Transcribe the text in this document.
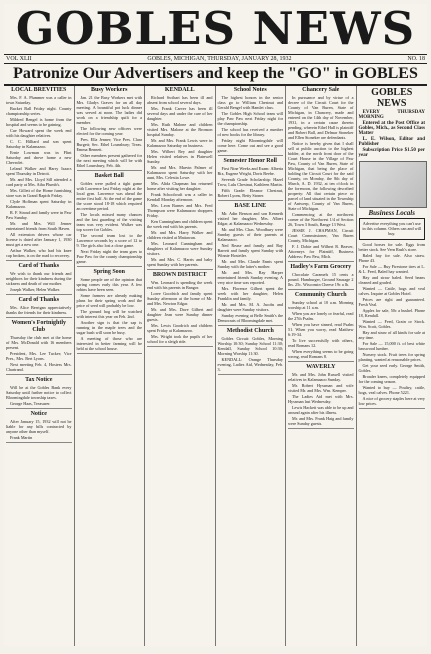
GOBLES NEWS
VOL XLII	GOBLES, MICHIGAN, THURSDAY, JANUARY 28, 1932	NO. 18
Patronize Our Advertisers and keep the "GO" in GOBLES
LOCAL BREVITIES

Mrs. F. A. Plummer was a caller in town Saturday.

Bucket Ball Friday night. County championship series.

Mildred Bengel is home from the hospital and seems to be gaining.

Cue Howard spent the week end with his daughter relatives.

C. C. Hilliard and son spent Saturday in Kalamazoo.

Ernie Lowman was in Flint Saturday and drove home a new Chevrolet.

Leland Walker and Harry Isaacs spent Thursday in Detroit.

Mr. and Mrs. Lloyd Sill attended a card party at Mrs. Atha Plumb's.

Mrs. Gillett of the Home furnishing store was in Grand Rapids Friday.

Clyde Hoffman spent Saturday in Kalamazoo.

R. F. Stroud and family were in Paw Paw Sunday.

Mr. and Mrs. Will Jenner entertained friends from South Haven.

All extension drivers whose car license is dated after January 1, 1930 must get a new one.

Arthur Walker, who had his knee cap broken, is on the road to recovery.

Card of Thanks

We wish to thank our friends and neighbors for their kindness during the sickness and death of our mother.

Joseph Walker, Helen Walker.

Card of Thanks

Mrs. Alice Berrigan appreciatively thanks the friends for their kindness.

Women's Fortnightly Club

Thursday the club met at the home of Mrs. McDonald with 16 members present.

President, Mrs. Lee Tucker; Vice Pres., Mrs. Bert Lyons.

Next meeting Feb. 4, Hostess Mrs. Chartrand.

Tax Notice

Will be at the Gobles Bank every Saturday until further notice to collect Bloomingdale township taxes.

George Haas, Treasurer.

Notice

After January 15, 1932 will not be liable for any bills contracted by anyone other than myself.

Frank Martin

Busy Workers

Jan. 21 the Busy Workers met with Mrs. Gladys Graves for an all day meeting. A bountiful pot luck dinner was served at noon. The ladies did work on a friendship quilt for a member.

The following new officers were elected for the coming year:

Pres. Ella Jenner; Vice Pres. Clara Burgett; Sec. Ethel Lounsbury; Treas. Emma Bennett.

Other members present gathered for the next meeting which will be with Ethel Lounsbury, Feb. 4th.

Basket Ball

Gobles were pulled a tight game with Lawrence last Friday night at the local gym. Lawrence was ahead the entire first half. At the end of the game the score stood 18-18 which required an overtime period.

The locals missed many chances and the fast guarding of the visiting team was very evident. Walker was top scorer for Gobles.

The second team lost to the Lawrence seconds by a score of 12 to 9. The girls also lost a close game.

Next Friday night the team goes to Paw Paw for the county championship game.

Spring Soon

Some people are of the opinion that spring comes early this year. A few robins have been seen.

Some farmers are already making plans for their spring work and the price of seed will probably be low.

The ground hog will be watched with interest this year on Feb. 2nd.

Another sign is that the sap is running in the maple trees and the sugar bush will soon be busy.

A meeting of those who are interested in better farming will be held at the school house.

KENDALL

Richard Swihart has been ill and absent from school several days.

Mrs. Frank Carver has been ill several days and under the care of her daughter.

Mrs. Ruth Malone and children visited Mrs. Malone at the Bronson hospital Sunday.

Mr. and Mrs. Frank Lewis were in Kalamazoo Saturday on business.

Mrs. Wilbert Rey and daughter Helen visited relatives in Plainwell Sunday.

Mr. and Mrs. Marvin Palmer of Kalamazoo spent Saturday with her aunt, Mrs. Celestia Lowe.

Mrs. Alida Chapman has returned home after visiting her daughter.

Frank Schoolcraft was a caller in Kendall Monday afternoon.

Mrs. Leon Barnes and Mrs. Fred Thompson were Kalamazoo shoppers Friday.

Ken Cunningham and children spent the week end with his parents.

Mr. and Mrs. Harry Walker and children visited at Mattawan.

Mrs. Leonard Cunningham and daughters of Kalamazoo were Sunday visitors.

Mr. and Mrs. C. Harris and baby spent Sunday with her parents.

BROWN DISTRICT

Wm. Leonard is spending the week end with his parents in Bangor.

Loree Goodrich and family spent Sunday afternoon at the home of Mr. and Mrs. Newton Edgar.

Mr. and Mrs. Dave Gilbert and daughter Jean were Sunday dinner guests.

Mrs. Lewis Goodrich and children spent Friday at Kalamazoo.

Mrs. Wright took the pupils of her school for a sleigh ride.

School Notes

The highest honors in the senior class go to William Chestnut and Gerald Bengel with Hamlet class.

The Gobles High School team will play Paw Paw next Friday night for the championship.

The school has received a number of new books for the library.

Friday night Bloomingdale will come here. Come out and see a good game.

Semester Honor Roll

First Nine Weeks and Exam: Alberta Rix, Eugene Wright, Doris Beebe.

Seventh Grade Scholarship: Hazel Trow, Lulu Chestnut, Kathleen Martin.

Fifth Grade: Eleanor Chestnut, Robert Lyons, Betty Stoner.

BASE LINE

Mr. Adin Benson and son Kenneth visited her daughter, Mrs. Albert Edgar, at Kalamazoo Wednesday.

Mr. and Mrs. Chas. Woodbury were Sunday guests of their parents at Kalamazoo.

Ned Rease and family and Ray Barrett and family spent Sunday with Winnie Hostetler.

Mr. and Mrs. Claude Ennis spent Sunday with the latter's mother.

Mr. and Mrs. Ray Harper entertained friends Sunday evening. A very nice time was reported.

Mrs. Florence Gilbert spent the week with her daughter, Helen Franklin and family.

Mr. and Mrs. M. A. Jacobs and daughter were Sunday visitors.

Sunday evening at Belle Smith's the Democrats of Bloomingdale met.

Methodist Church

Gobles Circuit: Gobles, Morning Worship 10:30; Sunday School 11:30; Kendall, Sunday School 10:30; Morning Worship 11:30.

KENDALL: Orange Thursday evening, Ladies Aid, Wednesday, Feb. 3.

Chancery Sale

In pursuance and by virtue of a decree of the Circuit Court for the County of Van Buren, State of Michigan, in Chancery, made and entered on the 14th day of November, 1931, in a certain cause therein pending, wherein Ethel Hall is plaintiff and Robert Ball, and Delmar Stoneker and Ellen Stoneker are defendants.

Notice is hereby given that I shall sell at public auction to the highest bidder, at the north front door of the Court House in the Village of Paw Paw, County of Van Buren, State of Michigan, that being the place of holding the Circuit Court for the said County, on Monday, the 8th day of March, A. D. 1932, at ten o'clock in the forenoon, the following described property: All that certain piece or parcel of land situated in the Township of Antwerp, County of Van Buren, State of Michigan.

Commencing at the northwest corner of the Northwest 1/4 of Section 26, Town 3 South, Range 13 West.

JESSIE J. CHAPMAN, Circuit Court Commissioner, Van Buren County, Michigan.

F. J. Dobie and Wilbert R. Beaver, Attorneys for Plaintiff, Business Address: Paw Paw, Mich.

Hadley's Farm Grocery

Chocolate Caramels 15 cents a pound. Hamburger, Ground Sausage 2 lbs. 25c. Wisconsin Cheese 19c a lb.

Community Church

Sunday school at 10 a.m. Morning worship at 11 a.m.

When you are lonely or fearful, read the 27th Psalm.

When you have sinned, read Psalm 51. When you worry, read Matthew 6:19-34.

To live successfully with others, read Romans 12.

When everything seems to be going wrong, read Romans 8.

WAVERLY

Mr. and Mrs. John Russell visited relatives in Kalamazoo Sunday.

Mr. Robert Hyssman and wife visited Mr. and Mrs. Wm. Kemper.

The Ladies Aid met with Mrs. Hyssman last Wednesday.

Lewis Hackett was able to be up and around again after his illness.

Mr. and Mrs. Frank Haig and family were Sunday guests.

GOBLES NEWS

EVERY THURSDAY MORNING

Entered at the Post Office at Gobles, Mich., as Second Class Matter

L. E. Wilson, Editor and Publisher

Subscription Price $1.50 per year

Business Locals

Advertise everything you can't use in this column. Others can and will buy.

Good horses for sale. Eggs from better stock. See Vern Rash's store.

Baled hay for sale. Also straw. Phone 43.

For Sale — Buy Firestone tires at L. & L. Feed, Baled hay wanted.

Hay and straw baled. Seed beans cleaned and graded.

Wanted — Cattle, hogs and veal calves. Inquire at Gobles Hotel.

Prices are right and guaranteed. Fresh Veal.

Apples for sale, 50c a bushel. Phone 18, Kendall.

Wanted — Feed, Grain or Stock. Wm. Scott, Gobles.

Hay and straw of all kinds for sale at any time.

For Sale — 15,000 ft. of best white basswood lumber.

Nursery stock. Fruit trees for spring planting, wanted at reasonable prices.

Get your seed early. George Smith, Gobles.

Broader knees, completely equipped for the coming season.

Wanted to buy — Poultry, cattle, hogs, veal calves. Phone 5221.

A nice of grocery staples here at very low prices.
